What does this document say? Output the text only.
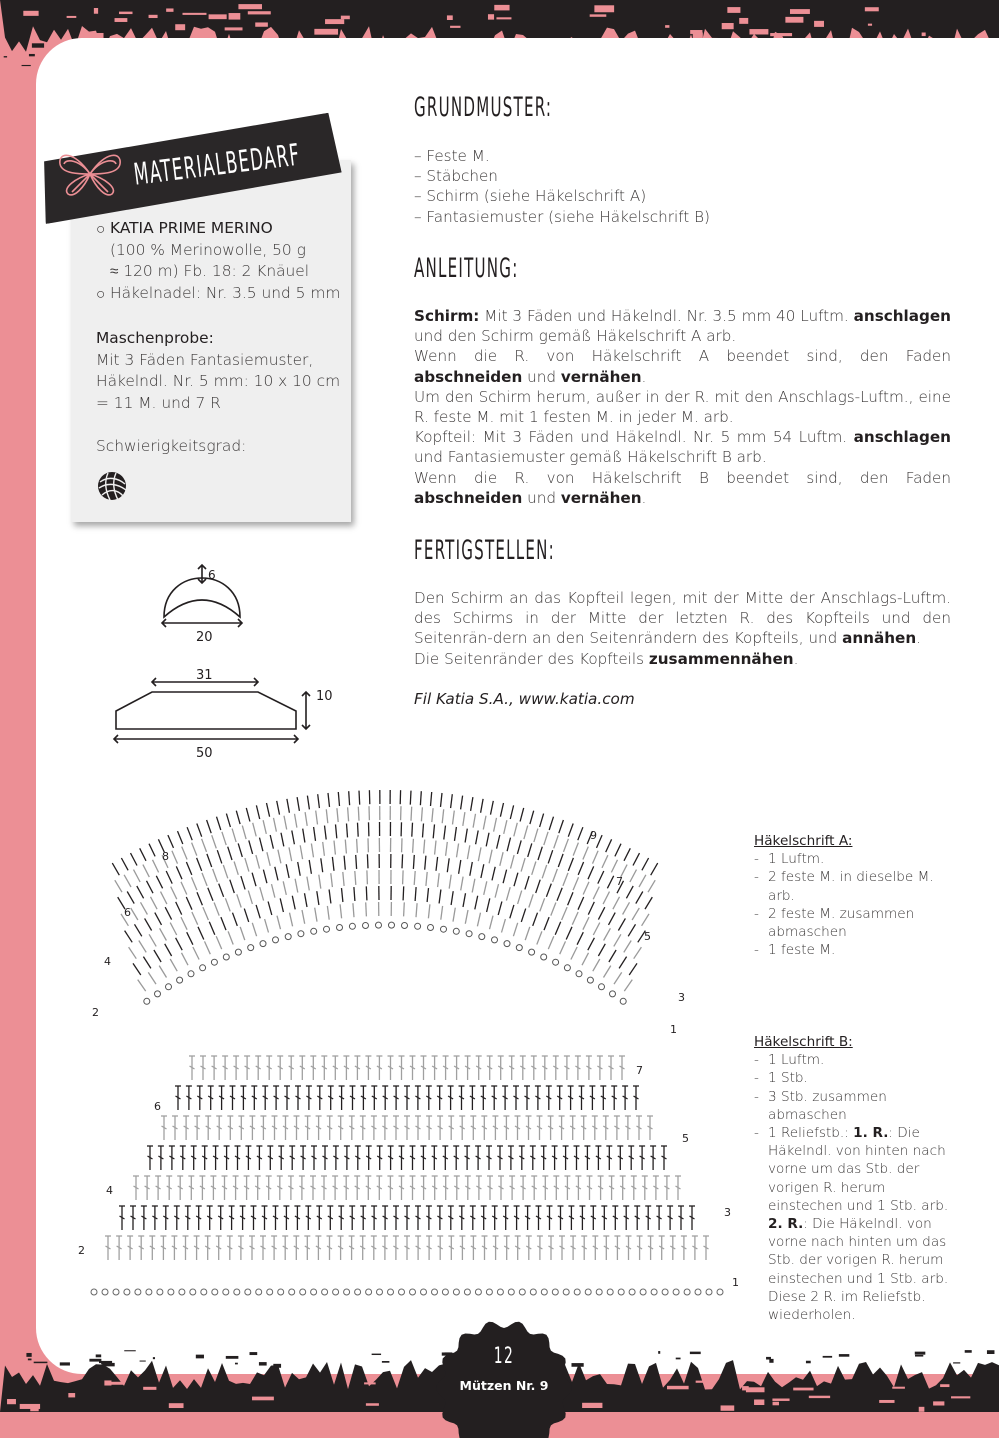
MATERIALBEDARF
○ KATIA PRIME MERINO
(100 % Merinowolle, 50 g
≈ 120 m) Fb. 18: 2 Knäuel
○ Häkelnadel: Nr. 3.5 und 5 mm
Maschenprobe:
Mit 3 Fäden Fantasiemuster,
Häkelndl. Nr. 5 mm: 10 x 10 cm
= 11 M. und 7 R
Schwierigkeitsgrad:
6
20
31
10
50
GRUNDMUSTER:
– Feste M.
– Stäbchen
– Schirm (siehe Häkelschrift A)
– Fantasiemuster (siehe Häkelschrift B)
ANLEITUNG:

Schirm: Mit 3 Fäden und Häkelndl. Nr. 3.5 mm 40 Luftm. anschlagen und den Schirm gemäß Häkelschrift A arb.

Wenn die R. von Häkelschrift A beendet sind, den Faden abschneiden und vernähen.

Um den Schirm herum, außer in der R. mit den Anschlags-Luftm., eine R. feste M. mit 1 festen M. in jeder M. arb.

Kopfteil: Mit 3 Fäden und Häkelndl. Nr. 5 mm 54 Luftm. anschlagen und Fantasiemuster gemäß Häkelschrift B arb.

Wenn die R. von Häkelschrift B beendet sind, den Faden abschneiden und vernähen.

FERTIGSTELLEN:

Den Schirm an das Kopfteil legen, mit der Mitte der Anschlags-Luftm. des Schirms in der Mitte der letzten R. des Kopfteils und den Seitenrän-dern an den Seitenrändern des Kopfteils, und annähen.

Die Seitenränder des Kopfteils zusammennähen.

Fil Katia S.A., www.katia.com
2
4
6
8
1
3
5
7
9
2
4
6
1
3
5
7
Häkelschrift A:
- 1 Luftm.
- 2 feste M. in dieselbe M. arb.
- 2 feste M. zusammen abmaschen
- 1 feste M.
Häkelschrift B:
- 1 Luftm.
- 1 Stb.
- 3 Stb. zusammen abmaschen
- 1 Reliefstb.: 1. R.: Die Häkelndl. von hinten nach vorne um das Stb. der vorigen R. herum einstechen und 1 Stb. arb. 2. R.: Die Häkelndl. von vorne nach hinten um das Stb. der vorigen R. herum einstechen und 1 Stb. arb. Diese 2 R. im Reliefstb. wiederholen.
12
Mützen Nr. 9
